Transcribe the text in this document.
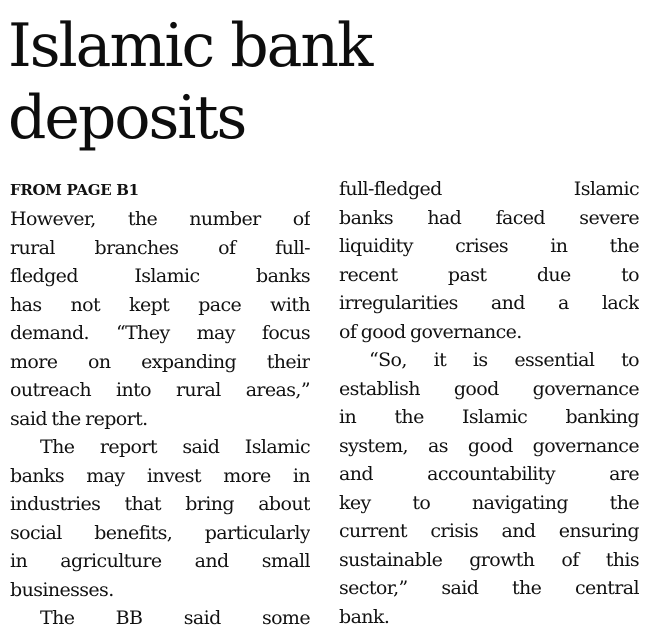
Islamic bank
deposits
FROM PAGE B1
However, the number of
rural branches of full-
fledged Islamic banks
has not kept pace with
demand. “They may focus
more on expanding their
outreach into rural areas,”
said the report.
The report said Islamic
banks may invest more in
industries that bring about
social benefits, particularly
in agriculture and small
businesses.
The BB said some
full-fledged Islamic
banks had faced severe
liquidity crises in the
recent past due to
irregularities and a lack
of good governance.
“So, it is essential to
establish good governance
in the Islamic banking
system, as good governance
and accountability are
key to navigating the
current crisis and ensuring
sustainable growth of this
sector,” said the central
bank.
